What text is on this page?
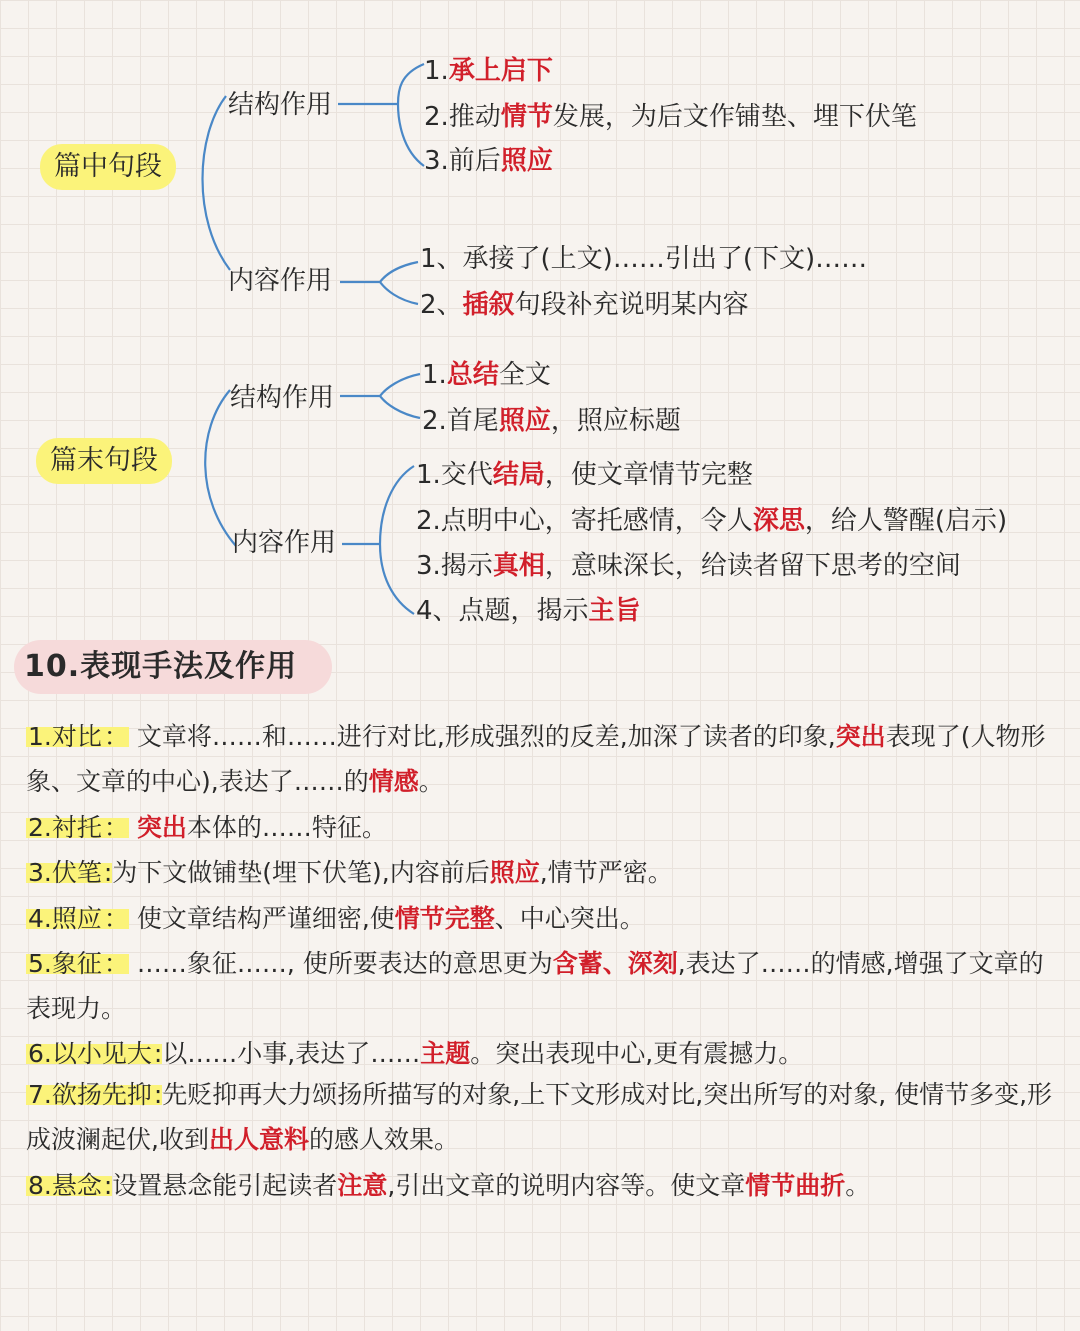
篇中句段
结构作用
内容作用
1.承上启下
2.推动情节发展，为后文作铺垫、埋下伏笔
3.前后照应
1、承接了(上文)……引出了(下文)……
2、插叙句段补充说明某内容
篇末句段
结构作用
内容作用
1.总结全文
2.首尾照应，照应标题
1.交代结局，使文章情节完整
2.点明中心，寄托感情，令人深思，给人警醒(启示)
3.揭示真相，意味深长，给读者留下思考的空间
4、点题，揭示主旨
10.表现手法及作用
1.对比： 文章将……和……进行对比,形成强烈的反差,加深了读者的印象,突出表现了(人物形象、文章的中心),表达了……的情感。
2.衬托： 突出本体的……特征。
3.伏笔:为下文做铺垫(埋下伏笔),内容前后照应,情节严密。
4.照应： 使文章结构严谨细密,使情节完整、中心突出。
5.象征： ……象征……, 使所要表达的意思更为含蓄、深刻,表达了……的情感,增强了文章的表现力。
6.以小见大:以……小事,表达了……主题。突出表现中心,更有震撼力。
7.欲扬先抑:先贬抑再大力颂扬所描写的对象,上下文形成对比,突出所写的对象, 使情节多变,形成波澜起伏,收到出人意料的感人效果。
8.悬念:设置悬念能引起读者注意,引出文章的说明内容等。使文章情节曲折。
